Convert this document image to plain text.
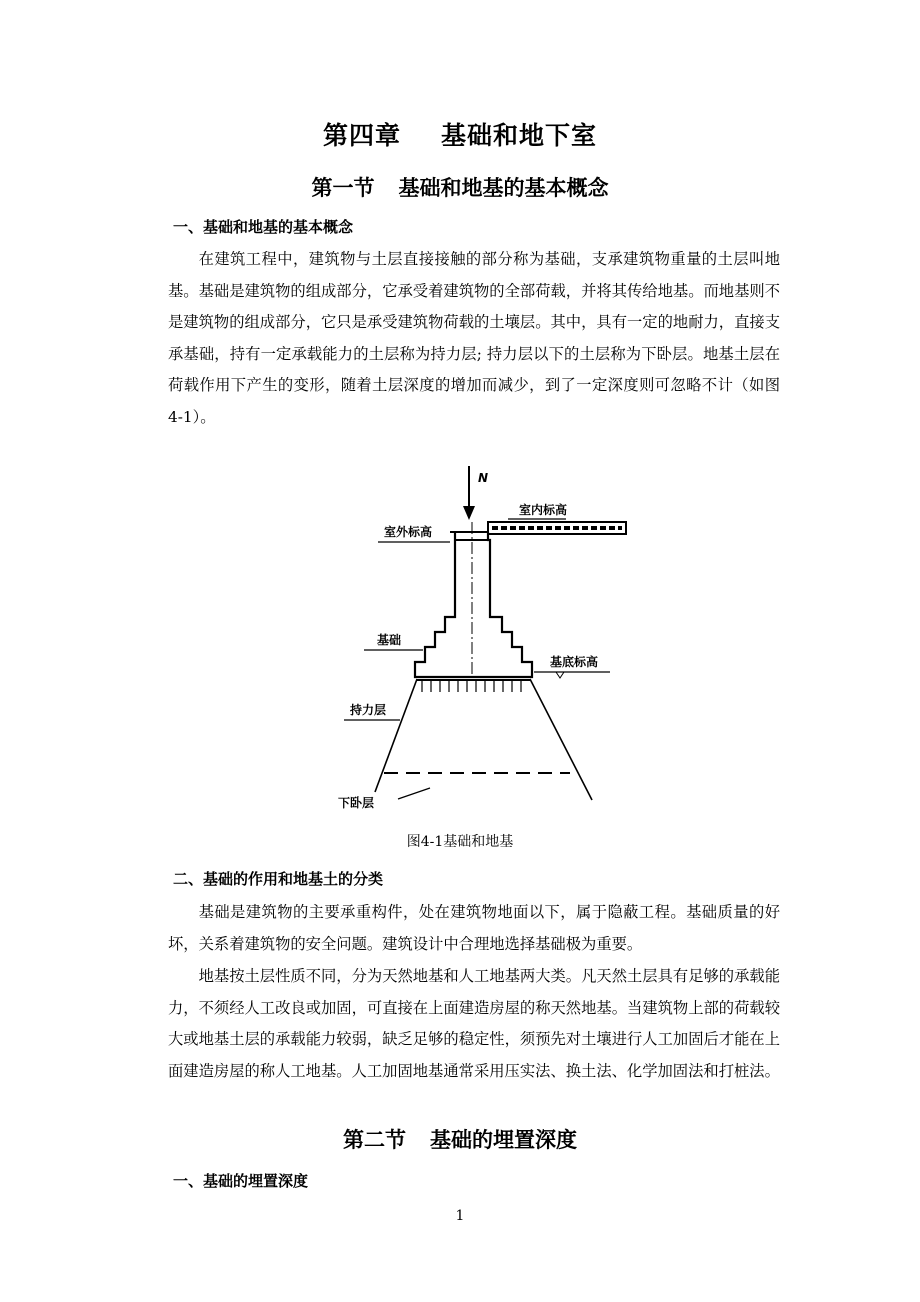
第四章 基础和地下室
第一节 基础和地基的基本概念
一、基础和地基的基本概念

在建筑工程中，建筑物与土层直接接触的部分称为基础，支承建筑物重量的土层叫地基。基础是建筑物的组成部分，它承受着建筑物的全部荷载，并将其传给地基。而地基则不是建筑物的组成部分，它只是承受建筑物荷载的土壤层。其中，具有一定的地耐力，直接支承基础，持有一定承载能力的土层称为持力层; 持力层以下的土层称为下卧层。地基土层在荷载作用下产生的变形，随着土层深度的增加而减少，到了一定深度则可忽略不计（如图 4-1）。

N
室内标高
室外标高
基础
基底标高
持力层
下卧层
图4-1基础和地基
二、基础的作用和地基土的分类

基础是建筑物的主要承重构件，处在建筑物地面以下，属于隐蔽工程。基础质量的好坏，关系着建筑物的安全问题。建筑设计中合理地选择基础极为重要。

地基按土层性质不同，分为天然地基和人工地基两大类。凡天然土层具有足够的承载能力，不须经人工改良或加固，可直接在上面建造房屋的称天然地基。当建筑物上部的荷载较大或地基土层的承载能力较弱，缺乏足够的稳定性，须预先对土壤进行人工加固后才能在上面建造房屋的称人工地基。人工加固地基通常采用压实法、换土法、化学加固法和打桩法。

第二节 基础的埋置深度
一、基础的埋置深度
1
